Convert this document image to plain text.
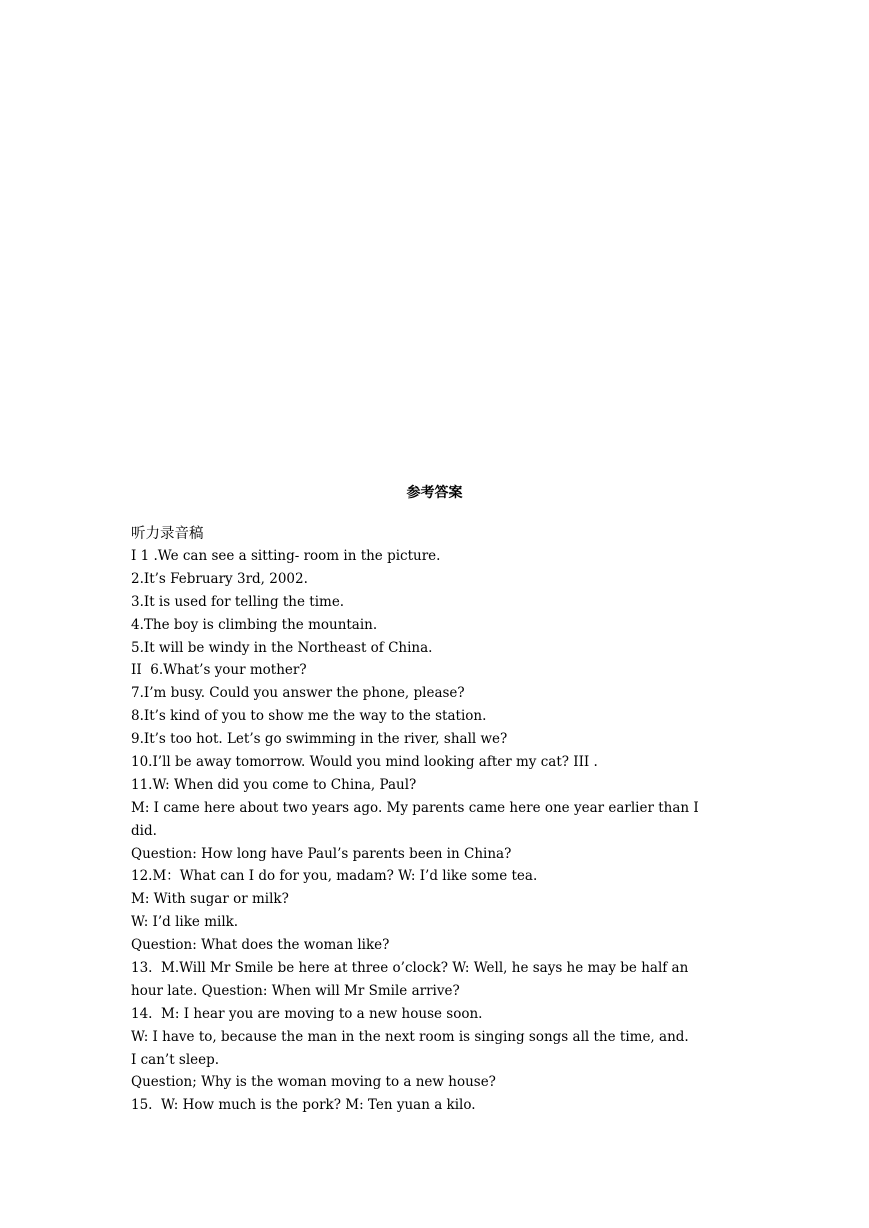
参考答案
听力录音稿
I 1 .We can see a sitting- room in the picture.
2.It’s February 3rd, 2002.
3.It is used for telling the time.
4.The boy is climbing the mountain.
5.It will be windy in the Northeast of China.
II  6.What’s your mother?
7.I’m busy. Could you answer the phone, please?
8.It’s kind of you to show me the way to the station.
9.It’s too hot. Let’s go swimming in the river, shall we?
10.I’ll be away tomorrow. Would you mind looking after my cat? III .
11.W: When did you come to China, Paul?
M: I came here about two years ago. My parents came here one year earlier than I
did.
Question: How long have Paul’s parents been in China?
12.M：What can I do for you, madam? W: I’d like some tea.
M: With sugar or milk?
W: I’d like milk.
Question: What does the woman like?
13.  M.Will Mr Smile be here at three o’clock? W: Well, he says he may be half an
hour late. Question: When will Mr Smile arrive?
14.  M: I hear you are moving to a new house soon.
W: I have to, because the man in the next room is singing songs all the time, and.
I can’t sleep.
Question; Why is the woman moving to a new house?
15.  W: How much is the pork? M: Ten yuan a kilo.
